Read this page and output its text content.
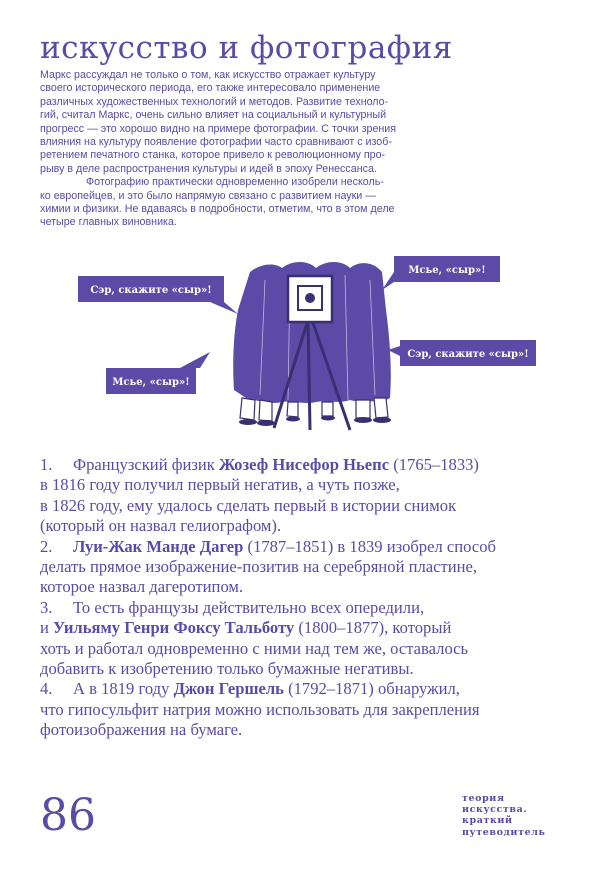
искусство и фотография
Маркс рассуждал не только о том, как искусство отражает культуру
своего исторического периода, его также интересовало применение
различных художественных технологий и методов. Развитие техноло-
гий, считал Маркс, очень сильно влияет на социальный и культурный
прогресс — это хорошо видно на примере фотографии. С точки зрения
влияния на культуру появление фотографии часто сравнивают с изоб-
ретением печатного станка, которое привело к революционному про-
рыву в деле распространения культуры и идей в эпоху Ренессанса.
Фотографию практически одновременно изобрели несколь-
ко европейцев, и это было напрямую связано с развитием науки —
химии и физики. Не вдаваясь в подробности, отметим, что в этом деле
четыре главных виновника.
Сэр, скажите «сыр»!
Мсье, «сыр»!
Сэр, скажите «сыр»!
Мсье, «сыр»!
1. Французский физик Жозеф Нисефор Ньепс (1765–1833)
в 1816 году получил первый негатив, а чуть позже,
в 1826 году, ему удалось сделать первый в истории снимок
(который он назвал гелиографом).
2. Луи-Жак Манде Дагер (1787–1851) в 1839 изобрел способ
делать прямое изображение-позитив на серебряной пластине,
которое назвал дагеротипом.
3. То есть французы действительно всех опередили,
и Уильяму Генри Фоксу Тальботу (1800–1877), который
хоть и работал одновременно с ними над тем же, оставалось
добавить к изобретению только бумажные негативы.
4. А в 1819 году Джон Гершель (1792–1871) обнаружил,
что гипосульфит натрия можно использовать для закрепления
фотоизображения на бумаге.
86	теория
искусства.
краткий
путеводитель
